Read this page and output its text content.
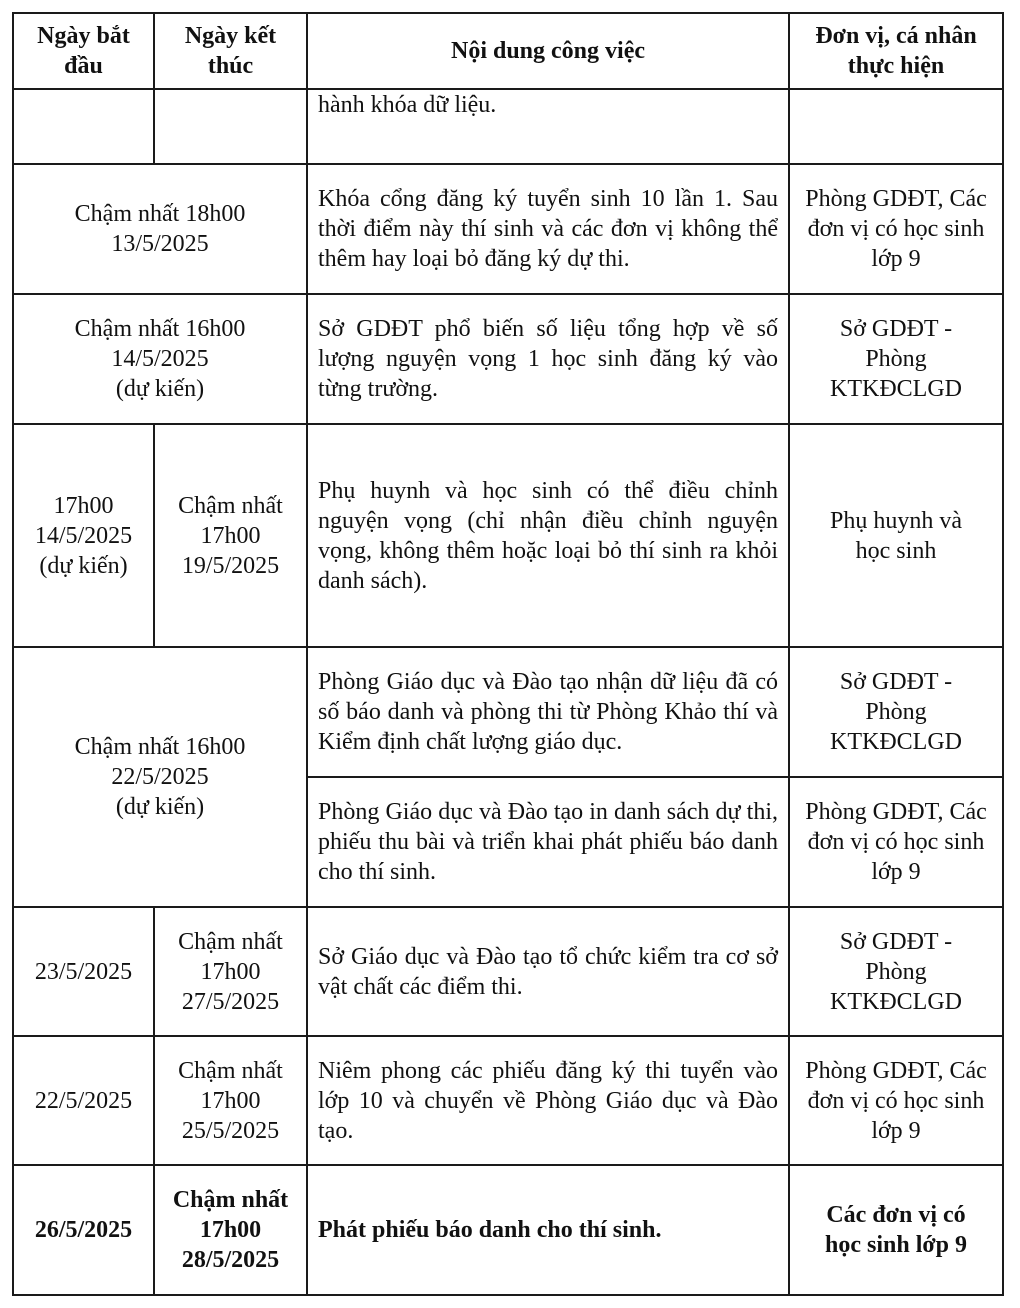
Ngày bắt đầu	Ngày kết thúc	Nội dung công việc	Đơn vị, cá nhân thực hiện
		hành khóa dữ liệu.	

Chậm nhất 18h00
13/5/2025		Khóa cổng đăng ký tuyển sinh 10 lần 1. Sau thời điểm này thí sinh và các đơn vị không thể thêm hay loại bỏ đăng ký dự thi.	Phòng GDĐT, Các đơn vị có học sinh lớp 9

Chậm nhất 16h00
14/5/2025
(dự kiến)		Sở GDĐT phổ biến số liệu tổng hợp về số lượng nguyện vọng 1 học sinh đăng ký vào từng trường.	Sở GDĐT - Phòng KTKĐCLGD

17h00
14/5/2025
(dự kiến)	Chậm nhất
17h00
19/5/2025	Phụ huynh và học sinh có thể điều chỉnh nguyện vọng (chỉ nhận điều chỉnh nguyện vọng, không thêm hoặc loại bỏ thí sinh ra khỏi danh sách).	Phụ huynh và học sinh

Chậm nhất 16h00
22/5/2025
(dự kiến)		Phòng Giáo dục và Đào tạo nhận dữ liệu đã có số báo danh và phòng thi từ Phòng Khảo thí và Kiểm định chất lượng giáo dục.	Sở GDĐT - Phòng KTKĐCLGD
		Phòng Giáo dục và Đào tạo in danh sách dự thi, phiếu thu bài và triển khai phát phiếu báo danh cho thí sinh.	Phòng GDĐT, Các đơn vị có học sinh lớp 9
23/5/2025	Chậm nhất
17h00
27/5/2025	Sở Giáo dục và Đào tạo tổ chức kiểm tra cơ sở vật chất các điểm thi.	Sở GDĐT - Phòng KTKĐCLGD
22/5/2025	Chậm nhất
17h00
25/5/2025	Niêm phong các phiếu đăng ký thi tuyển vào lớp 10 và chuyển về Phòng Giáo dục và Đào tạo.	Phòng GDĐT, Các đơn vị có học sinh lớp 9
26/5/2025	Chậm nhất
17h00
28/5/2025	Phát phiếu báo danh cho thí sinh.	Các đơn vị có học sinh lớp 9
